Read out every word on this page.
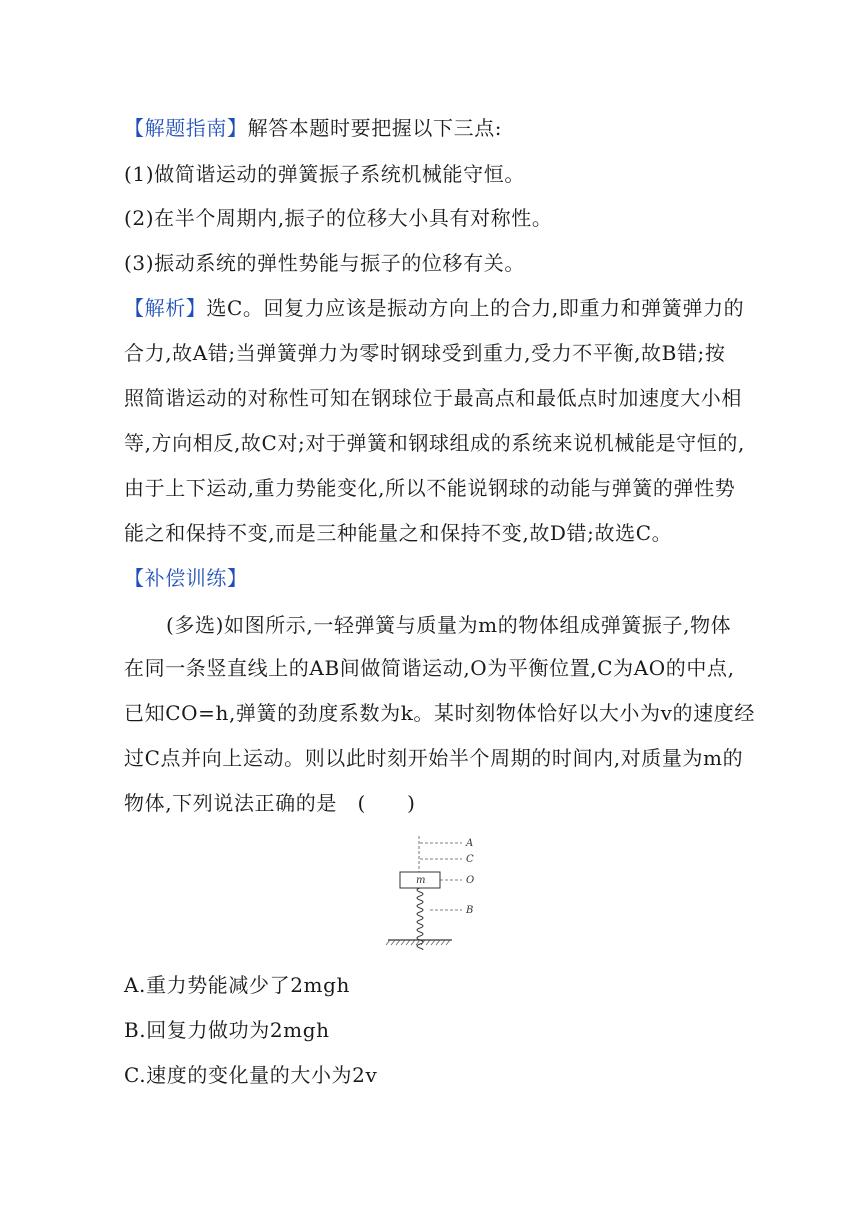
【解题指南】解答本题时要把握以下三点:
(1)做简谐运动的弹簧振子系统机械能守恒。
(2)在半个周期内,振子的位移大小具有对称性。
(3)振动系统的弹性势能与振子的位移有关。
【解析】选C。回复力应该是振动方向上的合力,即重力和弹簧弹力的
合力,故A错;当弹簧弹力为零时钢球受到重力,受力不平衡,故B错;按
照简谐运动的对称性可知在钢球位于最高点和最低点时加速度大小相
等,方向相反,故C对;对于弹簧和钢球组成的系统来说机械能是守恒的,
由于上下运动,重力势能变化,所以不能说钢球的动能与弹簧的弹性势
能之和保持不变,而是三种能量之和保持不变,故D错;故选C。
【补偿训练】
(多选)如图所示,一轻弹簧与质量为m的物体组成弹簧振子,物体
在同一条竖直线上的AB间做简谐运动,O为平衡位置,C为AO的中点,
已知CO=h,弹簧的劲度系数为k。某时刻物体恰好以大小为v的速度经
过C点并向上运动。则以此时刻开始半个周期的时间内,对质量为m的
物体,下列说法正确的是　(　　)
A
C
O
B
m
A.重力势能减少了2mgh
B.回复力做功为2mgh
C.速度的变化量的大小为2v
